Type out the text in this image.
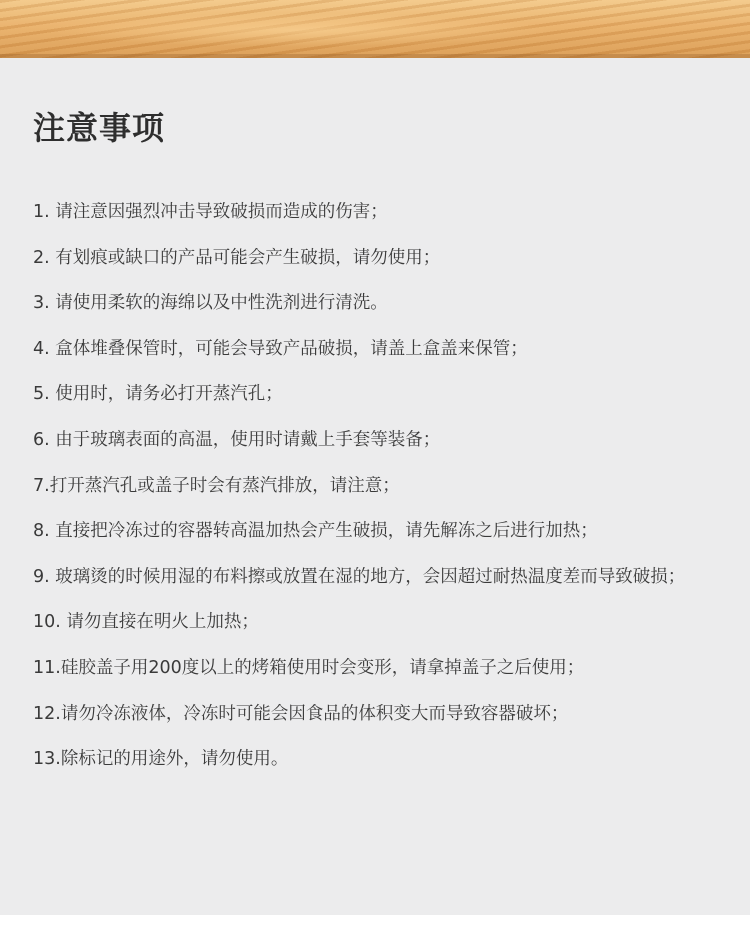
注意事项
1. 请注意因强烈冲击导致破损而造成的伤害；
2. 有划痕或缺口的产品可能会产生破损，请勿使用；
3. 请使用柔软的海绵以及中性洗剂进行清洗。
4. 盒体堆叠保管时，可能会导致产品破损，请盖上盒盖来保管；
5. 使用时，请务必打开蒸汽孔；
6. 由于玻璃表面的高温，使用时请戴上手套等装备；
7.打开蒸汽孔或盖子时会有蒸汽排放，请注意；
8. 直接把冷冻过的容器转高温加热会产生破损，请先解冻之后进行加热；
9. 玻璃烫的时候用湿的布料擦或放置在湿的地方，会因超过耐热温度差而导致破损；
10. 请勿直接在明火上加热；
11.硅胶盖子用200度以上的烤箱使用时会变形，请拿掉盖子之后使用；
12.请勿冷冻液体，冷冻时可能会因食品的体积变大而导致容器破坏；
13.除标记的用途外，请勿使用。
